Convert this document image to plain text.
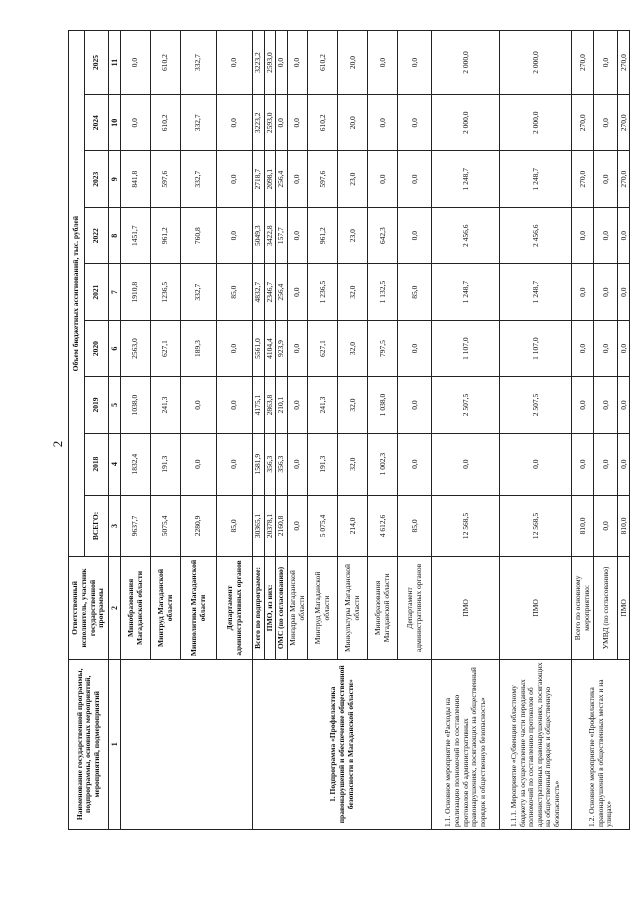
2
Наименование государственной программы, подпрограммы, основных мероприятий, мероприятий, подмероприятий	Ответственный исполнитель, участник государственной программы	Объем бюджетных ассигнований, тыс. рублей								
		ВСЕГО:	2018	2019	2020	2021	2022	2023	2024	2025
1	2	3	4	5	6	7	8	9	10	11
	Минобразования Магаданской области	9637,7	1832,4	1038,0	2563,0	1910,8	1451,7	841,8	0,0	0,0
	Минтруд Магаданской области	5075,4	191,3	241,3	627,1	1236,5	961,2	597,6	610,2	610,2
	Минполитики Магаданской области	2280,9	0,0	0,0	189,3	332,7	760,8	332,7	332,7	332,7
	Департамент административных органов	85,0	0,0	0,0	0,0	85,0	0,0	0,0	0,0	0,0
1. Подпрограмма «Профилактика правонарушений и обеспечение общественной безопасности в Магаданской области»	Всего по подпрограмме:	30365,1	1581,9	4175,1	5561,0	4832,7	5049,3	2718,7	3223,2	3223,2
	ПМО, из них:	20378,1	356,3	2863,8	4104,4	2346,7	3422,8	2098,1	2593,0	2593,0
	ОМС (по согласованию)	2160,8	356,3	210,1	923,9	256,4	157,7	256,4	0,0	0,0
	Минздрав Магаданской области	0,0	0,0	0,0	0,0	0,0	0,0	0,0	0,0	0,0
	Минтруд Магаданской области	5 075,4	191,3	241,3	627,1	1 236,5	961,2	597,6	610,2	610,2
	Минкультуры Магаданской области	214,0	32,0	32,0	32,0	32,0	23,0	23,0	20,0	20,0
	Минобразования Магаданской области	4 612,6	1 002,3	1 038,0	797,5	1 132,5	642,3	0,0	0,0	0,0
	Департамент административных органов	85,0	0,0	0,0	0,0	85,0	0,0	0,0	0,0	0,0
1.1. Основное мероприятие «Расходы на реализацию полномочий по составлению протоколов об административных правонарушениях, посягающих на общественный порядок и общественную безопасность»	ПМО	12 568,5	0,0	2 507,5	1 107,0	1 248,7	2 456,6	1 248,7	2 000,0	2 000,0
1.1.1. Мероприятие «Субвенции областному бюджету на осуществление части переданных полномочий по составлению протоколов об административных правонарушениях, посягающих на общественный порядок и общественную безопасность»	ПМО	12 568,5	0,0	2 507,5	1 107,0	1 248,7	2 456,6	1 248,7	2 000,0	2 000,0
1.2. Основное мероприятие «Профилактика правонарушений в общественных местах и на улицах»	Всего по основному мероприятию:	810,0	0,0	0,0	0,0	0,0	0,0	270,0	270,0	270,0
	УМВД (по согласованию)	0,0	0,0	0,0	0,0	0,0	0,0	0,0	0,0	0,0
	ПМО	810,0	0,0	0,0	0,0	0,0	0,0	270,0	270,0	270,0
